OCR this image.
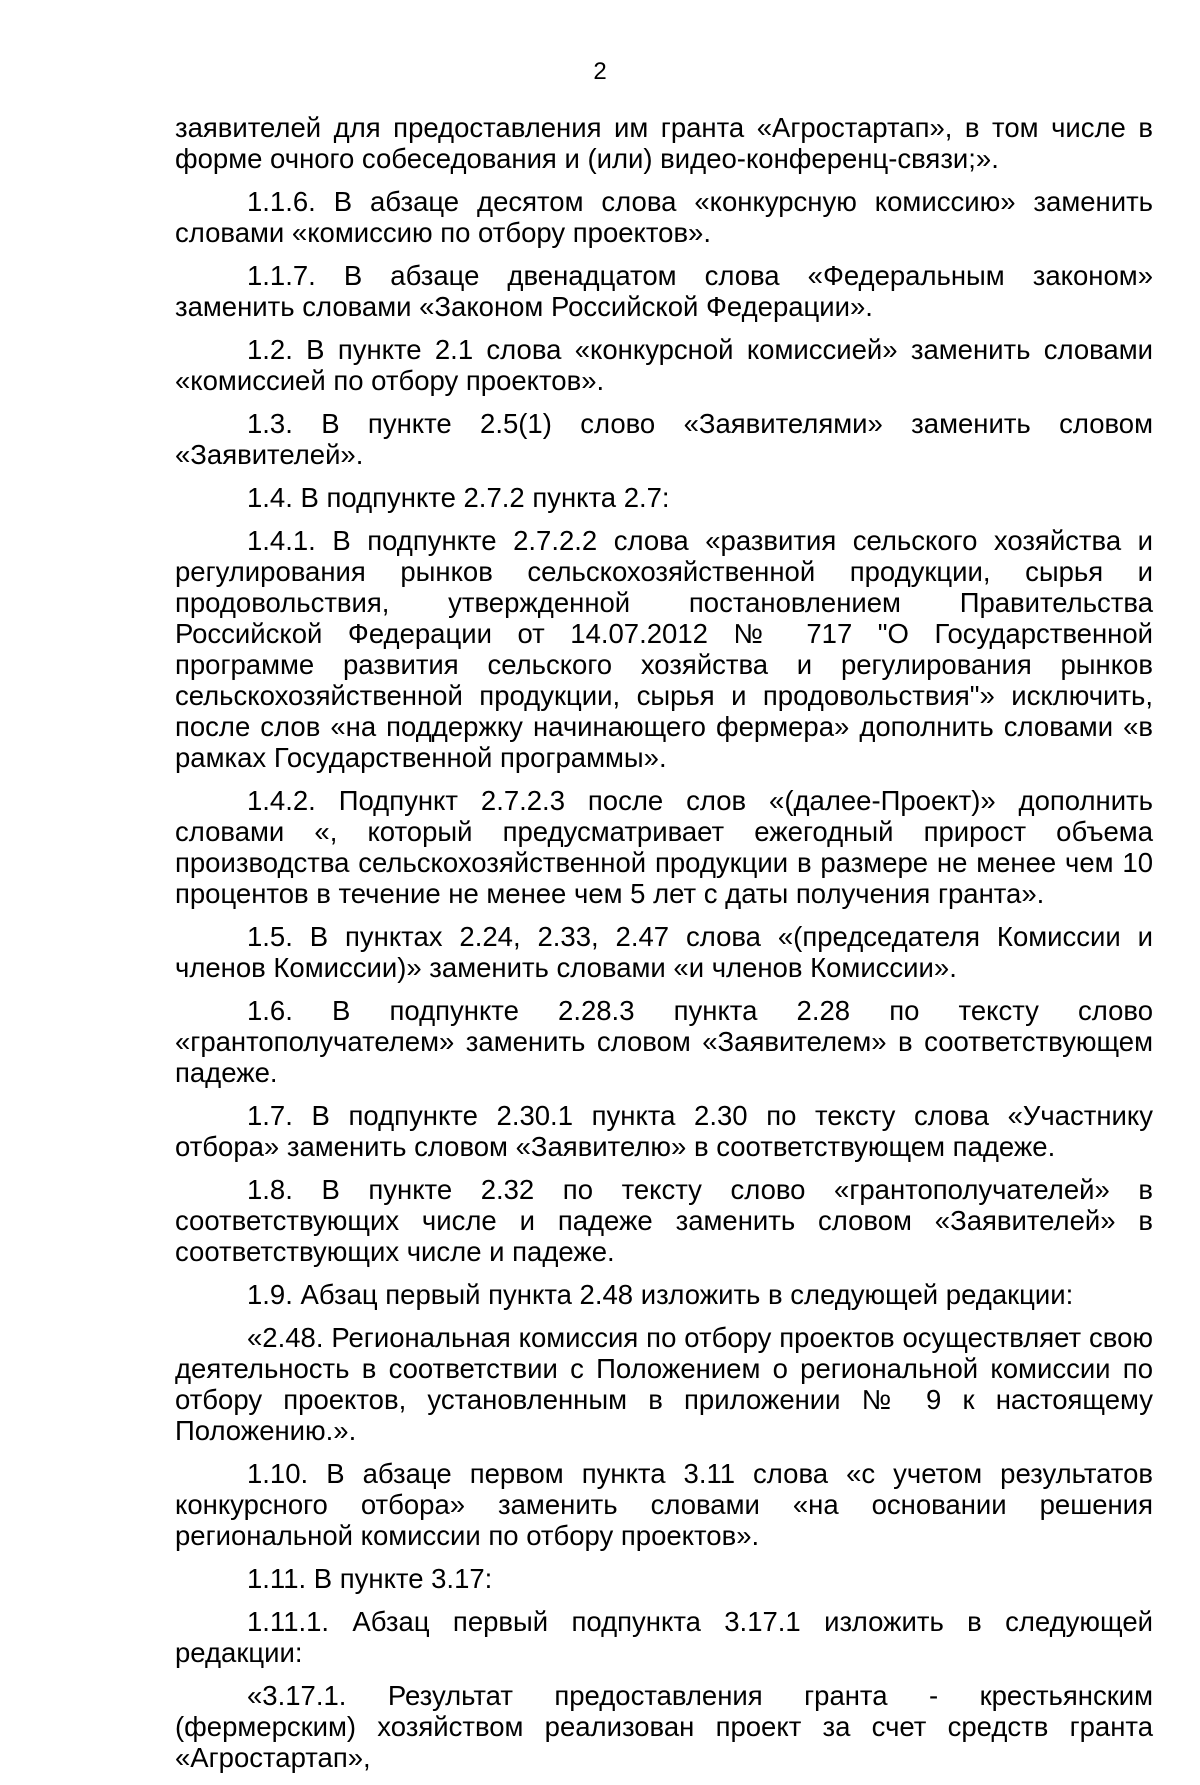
2

заявителей для предоставления им гранта «Агростартап», в том числе в форме очного собеседования и (или) видео-конференц-связи;».

1.1.6. В абзаце десятом слова «конкурсную комиссию» заменить словами «комиссию по отбору проектов».

1.1.7. В абзаце двенадцатом слова «Федеральным законом» заменить словами «Законом Российской Федерации».

1.2. В пункте 2.1 слова «конкурсной комиссией» заменить словами «комиссией по отбору проектов».

1.3. В пункте 2.5(1) слово «Заявителями» заменить словом «Заявителей».

1.4. В подпункте 2.7.2 пункта 2.7:

1.4.1. В подпункте 2.7.2.2 слова «развития сельского хозяйства и регулирования рынков сельскохозяйственной продукции, сырья и продовольствия, утвержденной постановлением Правительства Российской Федерации от 14.07.2012 № 717 "О Государственной программе развития сельского хозяйства и регулирования рынков сельскохозяйственной продукции, сырья и продовольствия"» исключить, после слов «на поддержку начинающего фермера» дополнить словами «в рамках Государственной программы».

1.4.2. Подпункт 2.7.2.3 после слов «(далее-Проект)» дополнить словами «, который предусматривает ежегодный прирост объема производства сельскохозяйственной продукции в размере не менее чем 10 процентов в течение не менее чем 5 лет с даты получения гранта».

1.5. В пунктах 2.24, 2.33, 2.47 слова «(председателя Комиссии и членов Комиссии)» заменить словами «и членов Комиссии».

1.6. В подпункте 2.28.3 пункта 2.28 по тексту слово «грантополучателем» заменить словом «Заявителем» в соответствующем падеже.

1.7. В подпункте 2.30.1 пункта 2.30 по тексту слова «Участнику отбора» заменить словом «Заявителю» в соответствующем падеже.

1.8. В пункте 2.32 по тексту слово «грантополучателей» в соответствующих числе и падеже заменить словом «Заявителей» в соответствующих числе и падеже.

1.9. Абзац первый пункта 2.48 изложить в следующей редакции:

«2.48. Региональная комиссия по отбору проектов осуществляет свою деятельность в соответствии с Положением о региональной комиссии по отбору проектов, установленным в приложении № 9 к настоящему Положению.».

1.10. В абзаце первом пункта 3.11 слова «с учетом результатов конкурсного отбора» заменить словами «на основании решения региональной комиссии по отбору проектов».

1.11. В пункте 3.17:

1.11.1. Абзац первый подпункта 3.17.1 изложить в следующей редакции:

«3.17.1. Результат предоставления гранта - крестьянским (фермерским) хозяйством реализован проект за счет средств гранта «Агростартап»,
